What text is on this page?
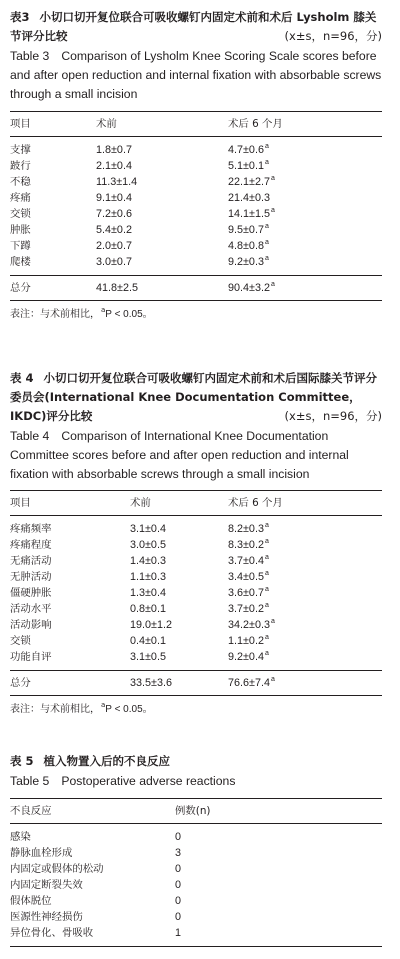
表3 小切口切开复位联合可吸收螺钉内固定术前和术后 Lysholm 膝关节评分比较	(x±s，n=96，分)
Table 3 Comparison of Lysholm Knee Scoring Scale scores before and after open reduction and internal fixation with absorbable screws through a small incision
项目	术前	术后 6 个月

支撑	1.8±0.7	4.7±0.6$^a$
跛行	2.1±0.4	5.1±0.1$^a$
不稳	11.3±1.4	22.1±2.7$^a$
疼痛	9.1±0.4	21.4±0.3
交锁	7.2±0.6	14.1±1.5$^a$
肿胀	5.4±0.2	9.5±0.7$^a$
下蹲	2.0±0.7	4.8±0.8$^a$
爬楼	3.0±0.7	9.2±0.3$^a$

总分	41.8±2.5	90.4±3.2$^a$
表注：与术前相比，$^a$P < 0.05。
表 4 小切口切开复位联合可吸收螺钉内固定术前和术后国际膝关节评分委员会(International Knee Documentation Committee，IKDC)评分比较	(x±s，n=96，分)
Table 4 Comparison of International Knee Documentation Committee scores before and after open reduction and internal fixation with absorbable screws through a small incision
项目	术前	术后 6 个月

疼痛频率	3.1±0.4	8.2±0.3$^a$
疼痛程度	3.0±0.5	8.3±0.2$^a$
无痛活动	1.4±0.3	3.7±0.4$^a$
无肿活动	1.1±0.3	3.4±0.5$^a$
僵硬肿胀	1.3±0.4	3.6±0.7$^a$
活动水平	0.8±0.1	3.7±0.2$^a$
活动影响	19.0±1.2	34.2±0.3$^a$
交锁	0.4±0.1	1.1±0.2$^a$
功能自评	3.1±0.5	9.2±0.4$^a$

总分	33.5±3.6	76.6±7.4$^a$
表注：与术前相比，$^a$P < 0.05。
表 5 植入物置入后的不良反应
Table 5 Postoperative adverse reactions
不良反应	例数(n)

感染	0
静脉血栓形成	3
内固定或假体的松动	0
内固定断裂失效	0
假体脱位	0
医源性神经损伤	0
异位骨化、骨吸收	1
